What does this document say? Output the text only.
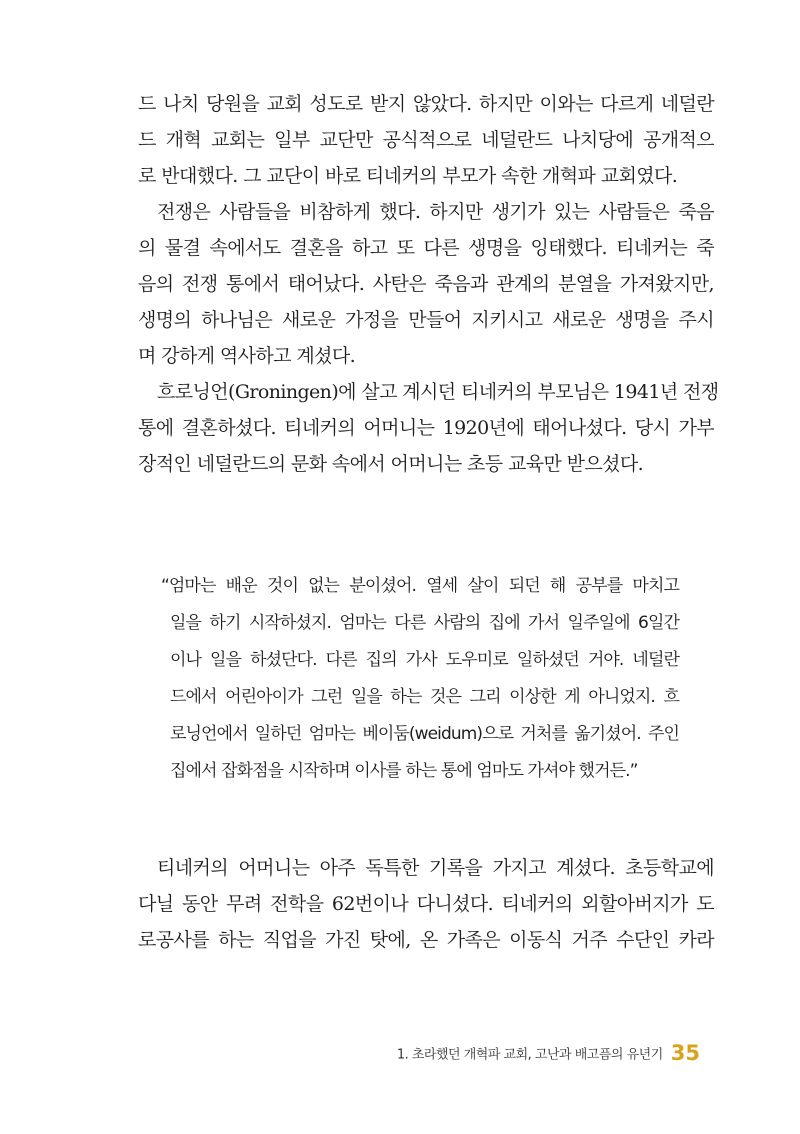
드 나치 당원을 교회 성도로 받지 않았다. 하지만 이와는 다르게 네덜란
드 개혁 교회는 일부 교단만 공식적으로 네덜란드 나치당에 공개적으
로 반대했다. 그 교단이 바로 티네커의 부모가 속한 개혁파 교회였다.
전쟁은 사람들을 비참하게 했다. 하지만 생기가 있는 사람들은 죽음
의 물결 속에서도 결혼을 하고 또 다른 생명을 잉태했다. 티네커는 죽
음의 전쟁 통에서 태어났다. 사탄은 죽음과 관계의 분열을 가져왔지만,
생명의 하나님은 새로운 가정을 만들어 지키시고 새로운 생명을 주시
며 강하게 역사하고 계셨다.
흐로닝언(Groningen)에 살고 계시던 티네커의 부모님은 1941년 전쟁
통에 결혼하셨다. 티네커의 어머니는 1920년에 태어나셨다. 당시 가부
장적인 네덜란드의 문화 속에서 어머니는 초등 교육만 받으셨다.
“엄마는 배운 것이 없는 분이셨어. 열세 살이 되던 해 공부를 마치고
일을 하기 시작하셨지. 엄마는 다른 사람의 집에 가서 일주일에 6일간
이나 일을 하셨단다. 다른 집의 가사 도우미로 일하셨던 거야. 네덜란
드에서 어린아이가 그런 일을 하는 것은 그리 이상한 게 아니었지. 흐
로닝언에서 일하던 엄마는 베이둠(weidum)으로 거처를 옮기셨어. 주인
집에서 잡화점을 시작하며 이사를 하는 통에 엄마도 가셔야 했거든.”
티네커의 어머니는 아주 독특한 기록을 가지고 계셨다. 초등학교에
다닐 동안 무려 전학을 62번이나 다니셨다. 티네커의 외할아버지가 도
로공사를 하는 직업을 가진 탓에, 온 가족은 이동식 거주 수단인 카라
1. 초라했던 개혁파 교회, 고난과 배고픔의 유년기 35
